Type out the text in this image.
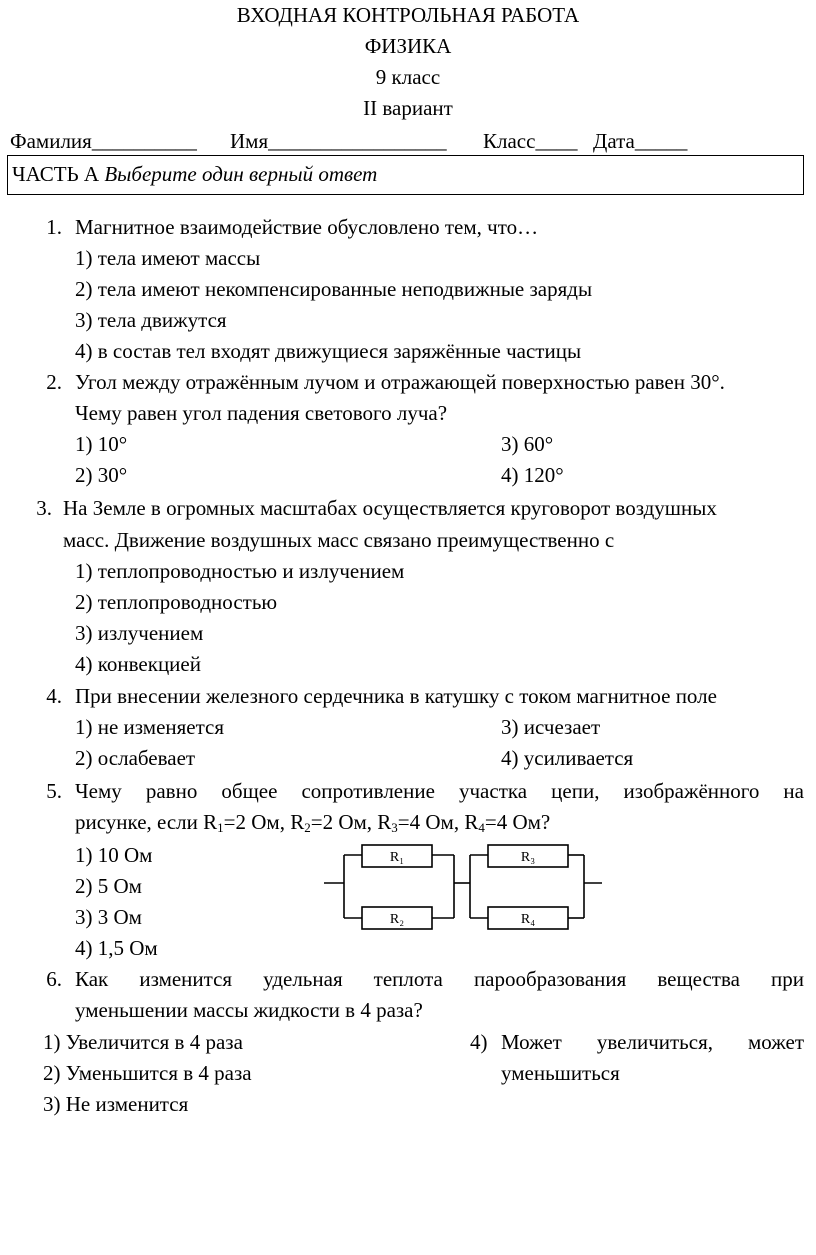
ВХОДНАЯ КОНТРОЛЬНАЯ РАБОТА
ФИЗИКА
9 класс
II вариант
Фамилия__________ Имя_________________ Класс____ Дата_____
ЧАСТЬ А Выберите один верный ответ
1. Магнитное взаимодействие обусловлено тем, что…
1) тела имеют массы
2) тела имеют некомпенсированные неподвижные заряды
3) тела движутся
4) в состав тел входят движущиеся заряжённые частицы
2. Угол между отражённым лучом и отражающей поверхностью равен 30°.
Чему равен угол падения светового луча?
1) 10°
2) 30°
3) 60°
4) 120°
3. На Земле в огромных масштабах осуществляется круговорот воздушных
масс. Движение воздушных масс связано преимущественно с
1) теплопроводностью и излучением
2) теплопроводностью
3) излучением
4) конвекцией
4. При внесении железного сердечника в катушку с током магнитное поле
1) не изменяется
2) ослабевает
3) исчезает
4) усиливается
5. Чему равно общее сопротивление участка цепи, изображённого на
рисунке, если $R_1=2$ Ом, $R_2=2$ Ом, $R_3=4$ Ом, $R_4=4$ Ом?
1) 10 Ом
2) 5 Ом
3) 3 Ом
4) 1,5 Ом
R₁
R₂
R₃
R₄
6. Как изменится удельная теплота парообразования вещества при
уменьшении массы жидкости в 4 раза?
1) Увеличится в 4 раза
2) Уменьшится в 4 раза
3) Не изменится
4) Может увеличиться, может
уменьшиться
